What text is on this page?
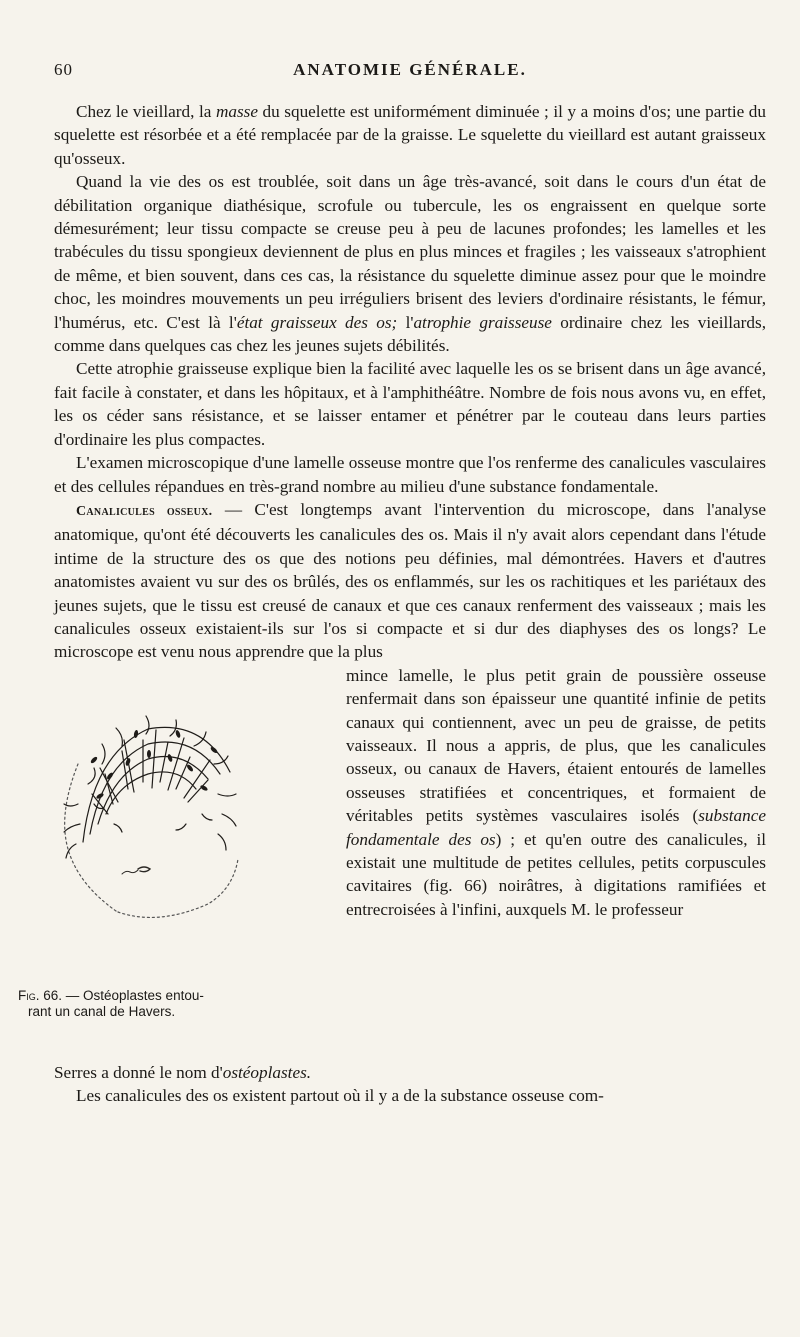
60	ANATOMIE GÉNÉRALE.

Chez le vieillard, la masse du squelette est uniformément diminuée ; il y a moins d'os; une partie du squelette est résorbée et a été remplacée par de la graisse. Le squelette du vieillard est autant graisseux qu'osseux.

Quand la vie des os est troublée, soit dans un âge très-avancé, soit dans le cours d'un état de débilitation organique diathésique, scrofule ou tubercule, les os engraissent en quelque sorte démesurément; leur tissu compacte se creuse peu à peu de lacunes profondes; les lamelles et les trabécules du tissu spongieux deviennent de plus en plus minces et fragiles ; les vaisseaux s'atrophient de même, et bien souvent, dans ces cas, la résistance du squelette diminue assez pour que le moindre choc, les moindres mouvements un peu irréguliers brisent des leviers d'ordinaire résistants, le fémur, l'humérus, etc. C'est là l'état graisseux des os; l'atrophie graisseuse ordinaire chez les vieillards, comme dans quelques cas chez les jeunes sujets débilités.

Cette atrophie graisseuse explique bien la facilité avec laquelle les os se brisent dans un âge avancé, fait facile à constater, et dans les hôpitaux, et à l'amphithéâtre. Nombre de fois nous avons vu, en effet, les os céder sans résistance, et se laisser entamer et pénétrer par le couteau dans leurs parties d'ordinaire les plus compactes.

L'examen microscopique d'une lamelle osseuse montre que l'os renferme des canalicules vasculaires et des cellules répandues en très-grand nombre au milieu d'une substance fondamentale.

Canalicules osseux. — C'est longtemps avant l'intervention du microscope, dans l'analyse anatomique, qu'ont été découverts les canalicules des os. Mais il n'y avait alors cependant dans l'étude intime de la structure des os que des notions peu définies, mal démontrées. Havers et d'autres anatomistes avaient vu sur des os brûlés, des os enflammés, sur les os rachitiques et les pariétaux des jeunes sujets, que le tissu est creusé de canaux et que ces canaux renferment des vaisseaux ; mais les canalicules osseux existaient-ils sur l'os si compacte et si dur des diaphyses des os longs? Le microscope est venu nous apprendre que la plus

Fig. 66. — Ostéoplastes entou-
rant un canal de Havers.
mince lamelle, le plus petit grain de poussière osseuse renfermait dans son épaisseur une quantité infinie de petits canaux qui contiennent, avec un peu de graisse, de petits vaisseaux. Il nous a appris, de plus, que les canalicules osseux, ou canaux de Havers, étaient entourés de lamelles osseuses stratifiées et concentriques, et formaient de véritables petits systèmes vasculaires isolés (substance fondamentale des os) ; et qu'en outre des canalicules, il existait une multitude de petites cellules, petits corpuscules cavitaires (fig. 66) noirâtres, à digitations ramifiées et entrecroisées à l'infini, auxquels M. le professeur

Serres a donné le nom d'ostéoplastes.

Les canalicules des os existent partout où il y a de la substance osseuse com-
